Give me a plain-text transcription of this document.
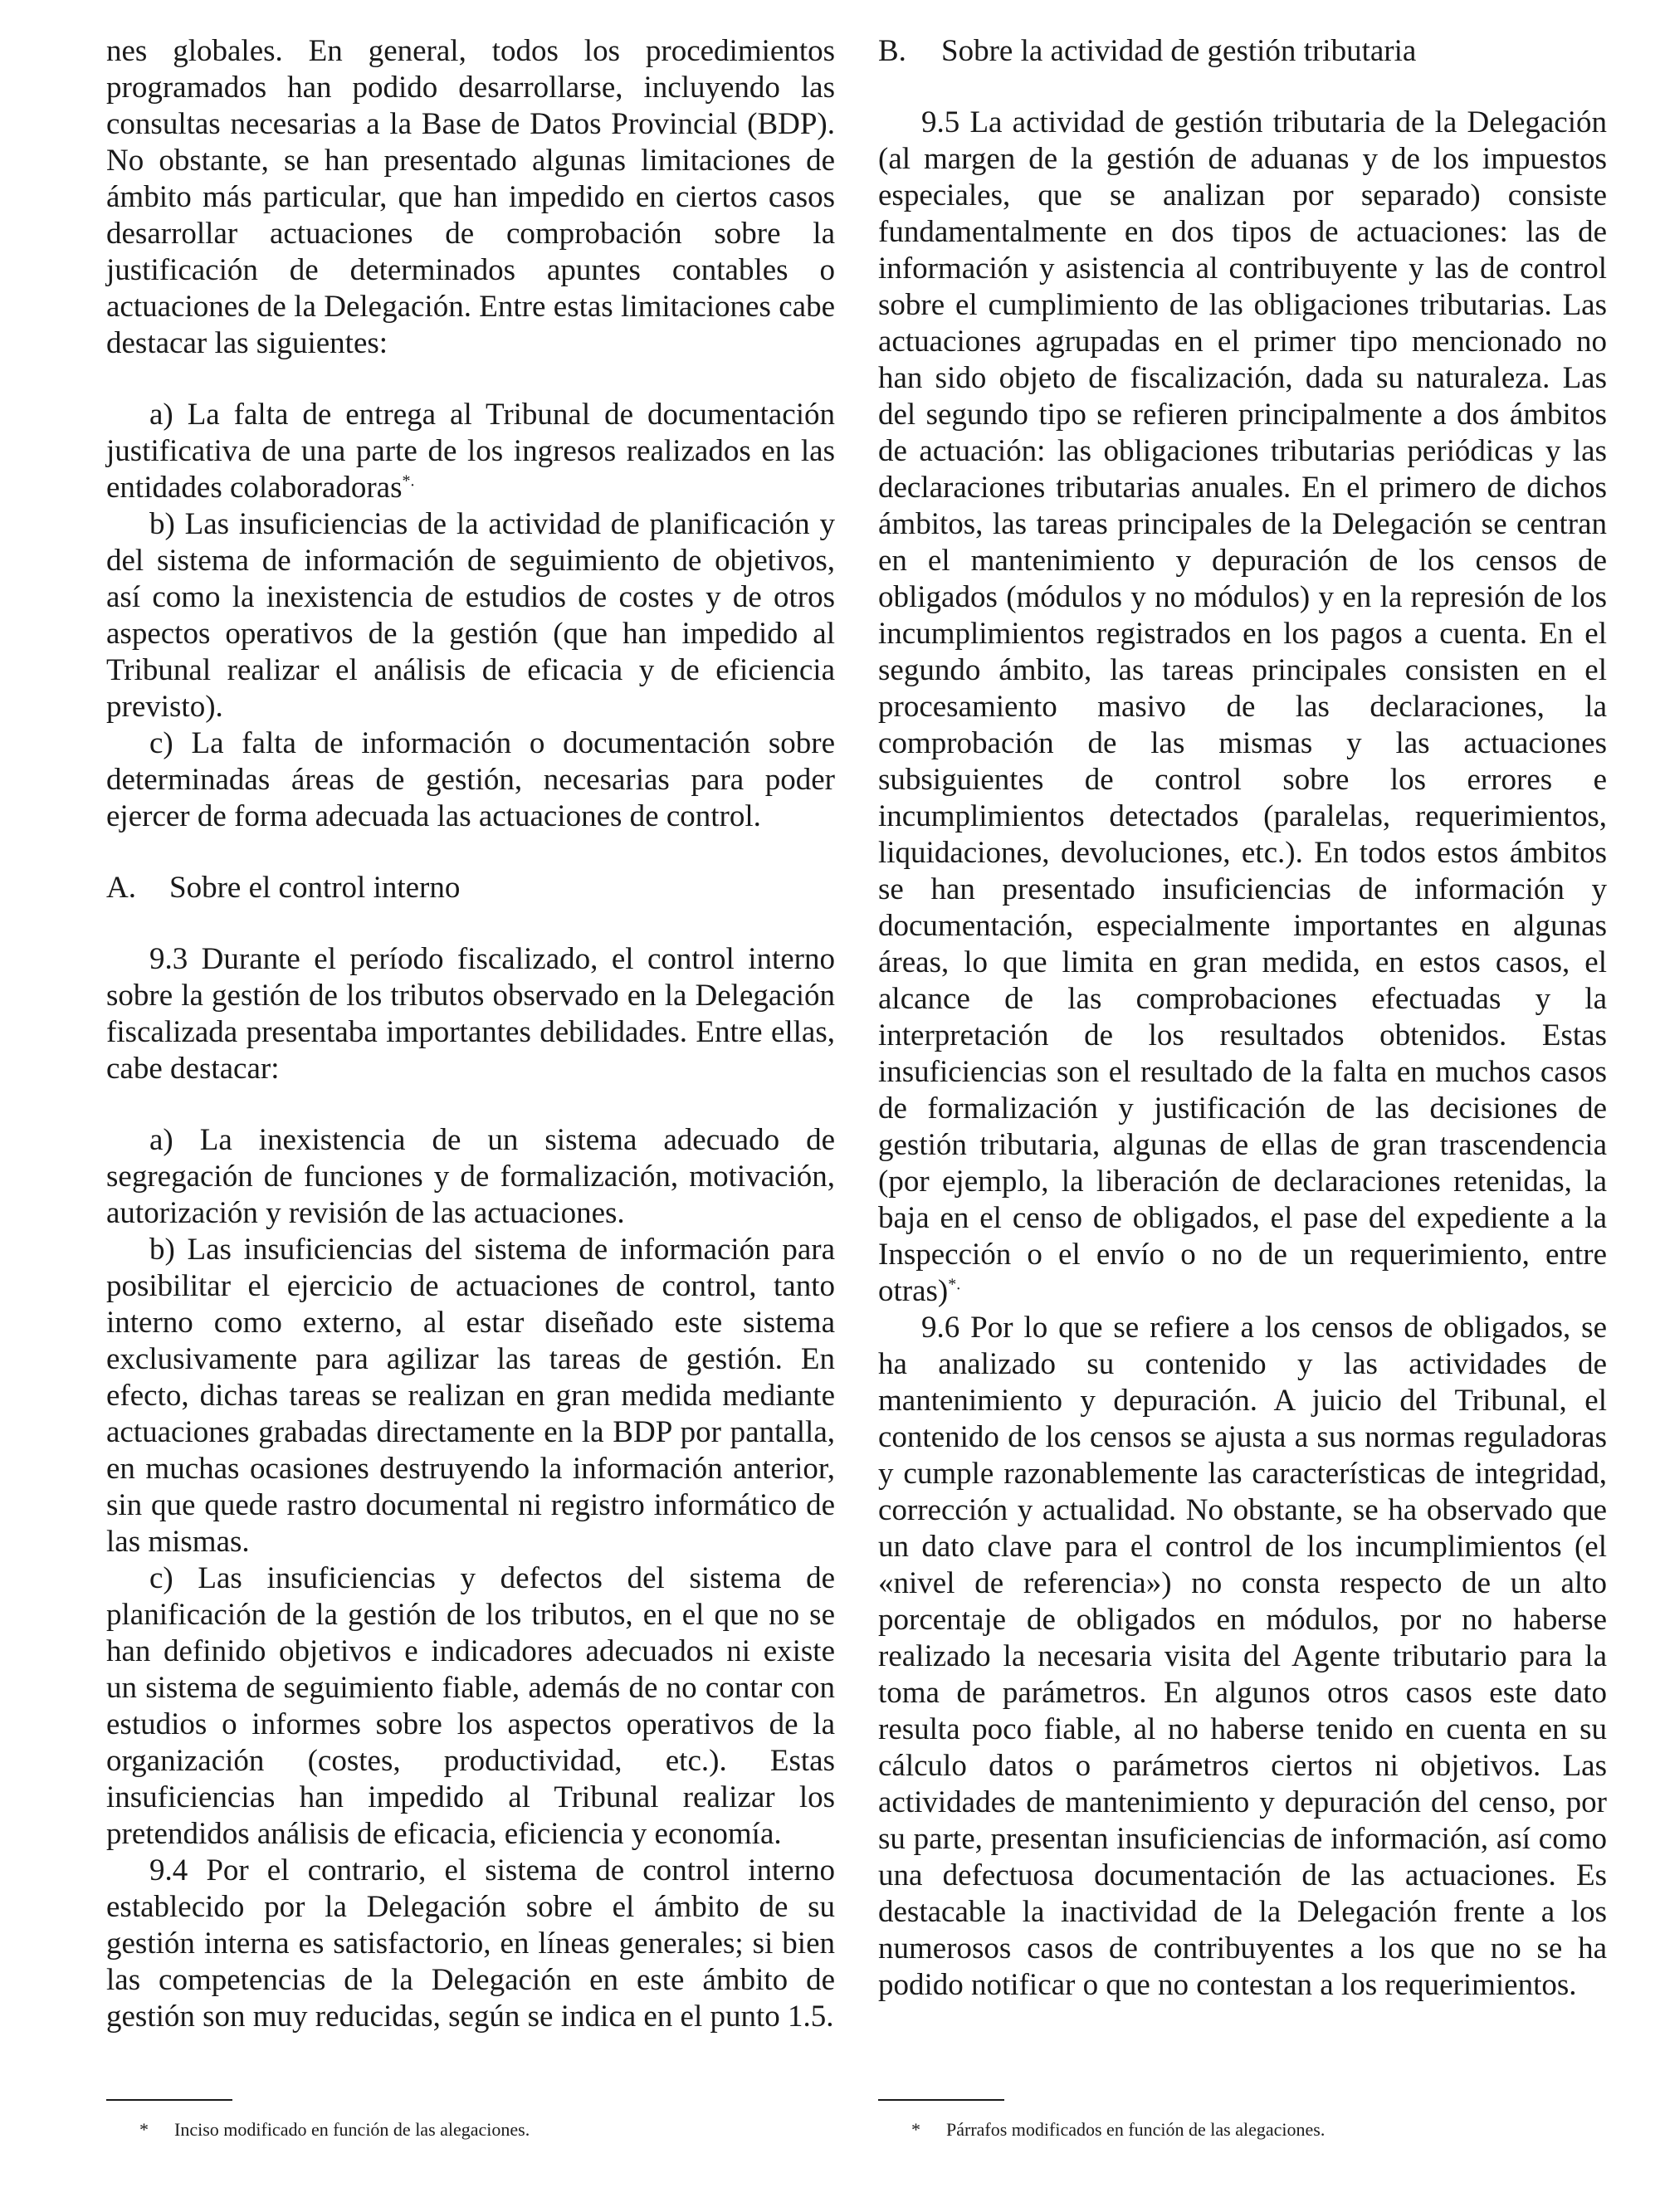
nes globales. En general, todos los procedimientos programados han podido desarrollarse, incluyendo las consultas necesarias a la Base de Datos Provincial (BDP). No obstante, se han presentado algunas limitaciones de ámbito más particular, que han impedido en ciertos casos desarrollar actuaciones de comprobación sobre la justificación de determinados apuntes contables o actuaciones de la Delegación. Entre estas limitaciones cabe destacar las siguientes:

a) La falta de entrega al Tribunal de documentación justificativa de una parte de los ingresos realizados en las entidades colaboradoras*.

b) Las insuficiencias de la actividad de planificación y del sistema de información de seguimiento de objetivos, así como la inexistencia de estudios de costes y de otros aspectos operativos de la gestión (que han impedido al Tribunal realizar el análisis de eficacia y de eficiencia previsto).

c) La falta de información o documentación sobre determinadas áreas de gestión, necesarias para poder ejercer de forma adecuada las actuaciones de control.

A.	Sobre el control interno

9.3 Durante el período fiscalizado, el control interno sobre la gestión de los tributos observado en la Delegación fiscalizada presentaba importantes debilidades. Entre ellas, cabe destacar:

a) La inexistencia de un sistema adecuado de segregación de funciones y de formalización, motivación, autorización y revisión de las actuaciones.

b) Las insuficiencias del sistema de información para posibilitar el ejercicio de actuaciones de control, tanto interno como externo, al estar diseñado este sistema exclusivamente para agilizar las tareas de gestión. En efecto, dichas tareas se realizan en gran medida mediante actuaciones grabadas directamente en la BDP por pantalla, en muchas ocasiones destruyendo la información anterior, sin que quede rastro documental ni registro informático de las mismas.

c) Las insuficiencias y defectos del sistema de planificación de la gestión de los tributos, en el que no se han definido objetivos e indicadores adecuados ni existe un sistema de seguimiento fiable, además de no contar con estudios o informes sobre los aspectos operativos de la organización (costes, productividad, etc.). Estas insuficiencias han impedido al Tribunal realizar los pretendidos análisis de eficacia, eficiencia y economía.

9.4 Por el contrario, el sistema de control interno establecido por la Delegación sobre el ámbito de su gestión interna es satisfactorio, en líneas generales; si bien las competencias de la Delegación en este ámbito de gestión son muy reducidas, según se indica en el punto 1.5.

* Inciso modificado en función de las alegaciones.

B.	Sobre la actividad de gestión tributaria

9.5 La actividad de gestión tributaria de la Delegación (al margen de la gestión de aduanas y de los impuestos especiales, que se analizan por separado) consiste fundamentalmente en dos tipos de actuaciones: las de información y asistencia al contribuyente y las de control sobre el cumplimiento de las obligaciones tributarias. Las actuaciones agrupadas en el primer tipo mencionado no han sido objeto de fiscalización, dada su naturaleza. Las del segundo tipo se refieren principalmente a dos ámbitos de actuación: las obligaciones tributarias periódicas y las declaraciones tributarias anuales. En el primero de dichos ámbitos, las tareas principales de la Delegación se centran en el mantenimiento y depuración de los censos de obligados (módulos y no módulos) y en la represión de los incumplimientos registrados en los pagos a cuenta. En el segundo ámbito, las tareas principales consisten en el procesamiento masivo de las declaraciones, la comprobación de las mismas y las actuaciones subsiguientes de control sobre los errores e incumplimientos detectados (paralelas, requerimientos, liquidaciones, devoluciones, etc.). En todos estos ámbitos se han presentado insuficiencias de información y documentación, especialmente importantes en algunas áreas, lo que limita en gran medida, en estos casos, el alcance de las comprobaciones efectuadas y la interpretación de los resultados obtenidos. Estas insuficiencias son el resultado de la falta en muchos casos de formalización y justificación de las decisiones de gestión tributaria, algunas de ellas de gran trascendencia (por ejemplo, la liberación de declaraciones retenidas, la baja en el censo de obligados, el pase del expediente a la Inspección o el envío o no de un requerimiento, entre otras)*.

9.6 Por lo que se refiere a los censos de obligados, se ha analizado su contenido y las actividades de mantenimiento y depuración. A juicio del Tribunal, el contenido de los censos se ajusta a sus normas reguladoras y cumple razonablemente las características de integridad, corrección y actualidad. No obstante, se ha observado que un dato clave para el control de los incumplimientos (el «nivel de referencia») no consta respecto de un alto porcentaje de obligados en módulos, por no haberse realizado la necesaria visita del Agente tributario para la toma de parámetros. En algunos otros casos este dato resulta poco fiable, al no haberse tenido en cuenta en su cálculo datos o parámetros ciertos ni objetivos. Las actividades de mantenimiento y depuración del censo, por su parte, presentan insuficiencias de información, así como una defectuosa documentación de las actuaciones. Es destacable la inactividad de la Delegación frente a los numerosos casos de contribuyentes a los que no se ha podido notificar o que no contestan a los requerimientos.

* Párrafos modificados en función de las alegaciones.
